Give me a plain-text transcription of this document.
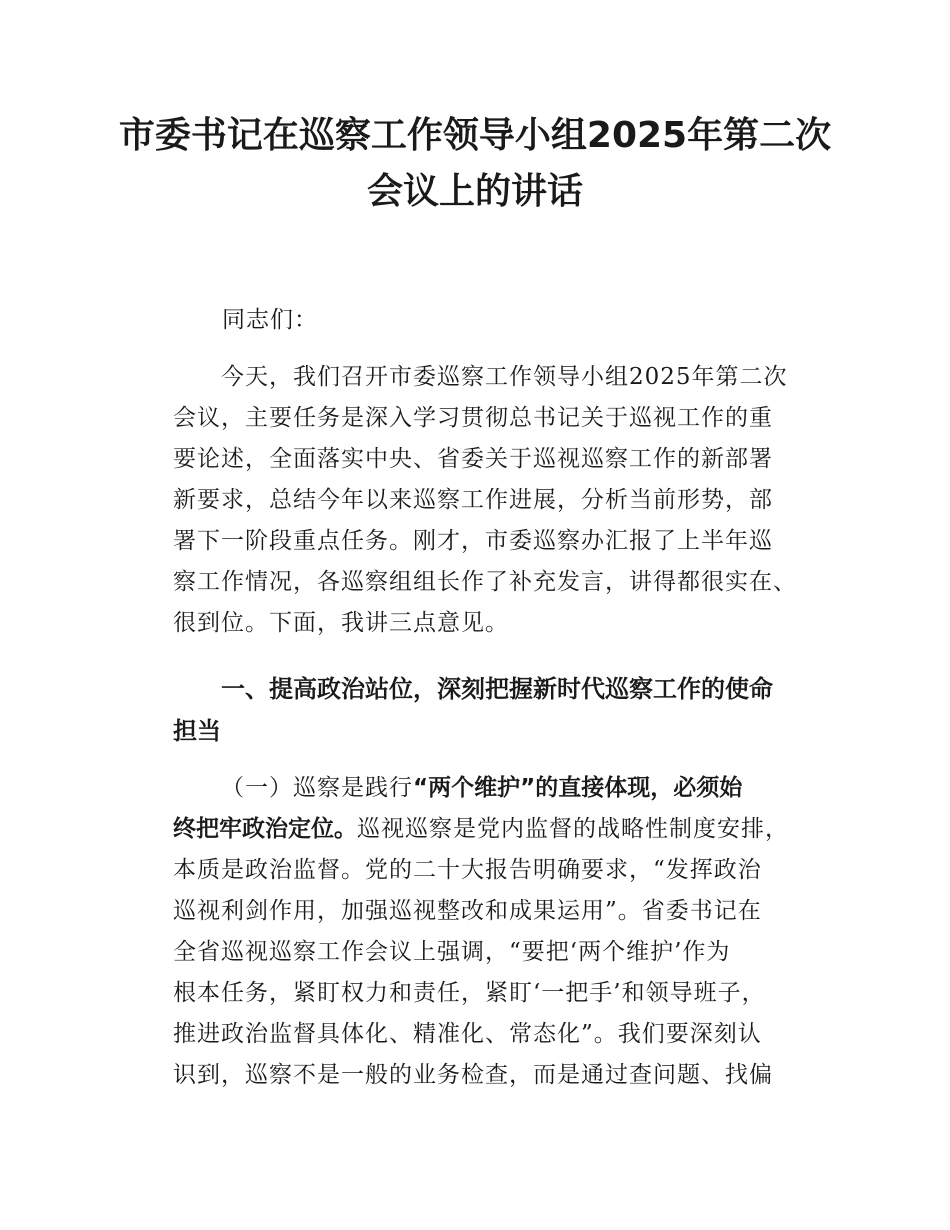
市委书记在巡察工作领导小组2025年第二次
会议上的讲话
同志们：
今天，我们召开市委巡察工作领导小组2025年第二次
会议，主要任务是深入学习贯彻总书记关于巡视工作的重
要论述，全面落实中央、省委关于巡视巡察工作的新部署
新要求，总结今年以来巡察工作进展，分析当前形势，部
署下一阶段重点任务。刚才，市委巡察办汇报了上半年巡
察工作情况，各巡察组组长作了补充发言，讲得都很实在、
很到位。下面，我讲三点意见。
一、提高政治站位，深刻把握新时代巡察工作的使命
担当
（一）巡察是践行“两个维护”的直接体现，必须始
终把牢政治定位。巡视巡察是党内监督的战略性制度安排，
本质是政治监督。党的二十大报告明确要求，“发挥政治
巡视利剑作用，加强巡视整改和成果运用”。省委书记在
全省巡视巡察工作会议上强调，“要把‘两个维护’作为
根本任务，紧盯权力和责任，紧盯‘一把手’和领导班子，
推进政治监督具体化、精准化、常态化”。我们要深刻认
识到，巡察不是一般的业务检查，而是通过查问题、找偏
